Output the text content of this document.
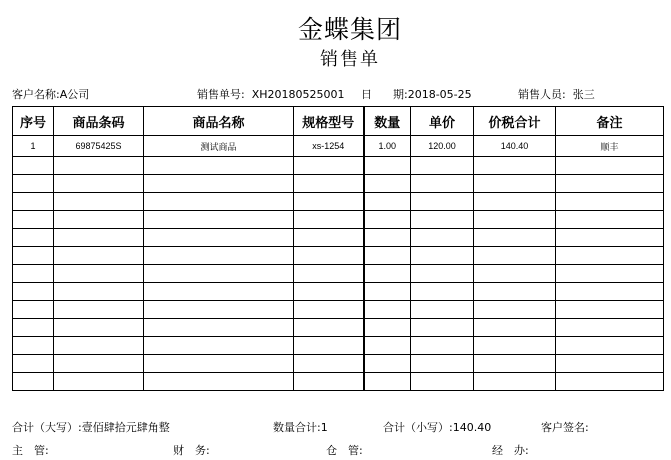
金蝶集团
销售单
客户名称:A公司	销售单号: XH20180525001 日 期:2018-05-25	销售人员: 张三
序号	商品条码	商品名称	规格型号	数量	单价	价税合计	备注
1	69875425S	测试商品	xs-1254	1.00	120.00	140.40	顺丰

合计（大写）:壹佰肆拾元肆角整	数量合计:1	合计（小写）:140.40	客户签名:
主　管:	财　务:	仓　管:	经　办:
